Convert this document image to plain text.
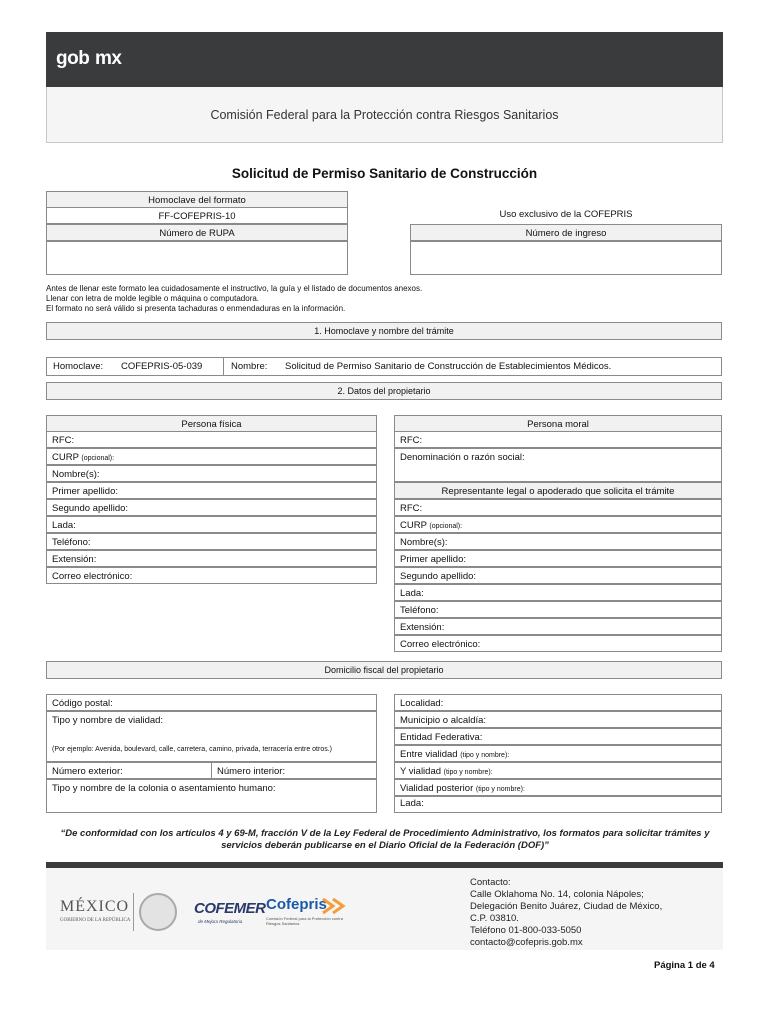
gob mx
Comisión Federal para la Protección contra Riesgos Sanitarios
Solicitud de Permiso Sanitario de Construcción
Homoclave del formato
FF-COFEPRIS-10
Número de RUPA
Uso exclusivo de la COFEPRIS
Número de ingreso
Antes de llenar este formato lea cuidadosamente el instructivo, la guía y el listado de documentos anexos.
Llenar con letra de molde legible o máquina o computadora.
El formato no será válido si presenta tachaduras o enmendaduras en la información.
1. Homoclave y nombre del trámite
Homoclave: COFEPRIS-05-039	Nombre: Solicitud de Permiso Sanitario de Construcción de Establecimientos Médicos.
2. Datos del propietario
Persona física
RFC:
CURP (opcional):
Nombre(s):
Primer apellido:
Segundo apellido:
Lada:
Teléfono:
Extensión:
Correo electrónico:
Persona moral
RFC:
Denominación o razón social:
Representante legal o apoderado que solicita el trámite
RFC:
CURP (opcional):
Nombre(s):
Primer apellido:
Segundo apellido:
Lada:
Teléfono:
Extensión:
Correo electrónico:
Domicilio fiscal del propietario
Código postal:
Tipo y nombre de vialidad:
(Por ejemplo: Avenida, boulevard, calle, carretera, camino, privada, terracería entre otros.)
Número exterior:	Número interior:
Tipo y nombre de la colonia o asentamiento humano:
Localidad:
Municipio o alcaldía:
Entidad Federativa:
Entre vialidad (tipo y nombre):
Y vialidad (tipo y nombre):
Vialidad posterior (tipo y nombre):
Lada:
“De conformidad con los artículos 4 y 69-M, fracción V de la Ley Federal de Procedimiento Administrativo, los formatos para solicitar trámites y servicios deberán publicarse en el Diario Oficial de la Federación (DOF)”
MÉXICO
GOBIERNO DE LA REPÚBLICA
COFEMER
de Mejora Regulatoria
Cofepris
Comisión Federal para la Protección contra Riesgos Sanitarios
Contacto:
Calle Oklahoma No. 14, colonia Nápoles;
Delegación Benito Juárez, Ciudad de México,
C.P. 03810.
Teléfono 01-800-033-5050
contacto@cofepris.gob.mx
Página 1 de 4
